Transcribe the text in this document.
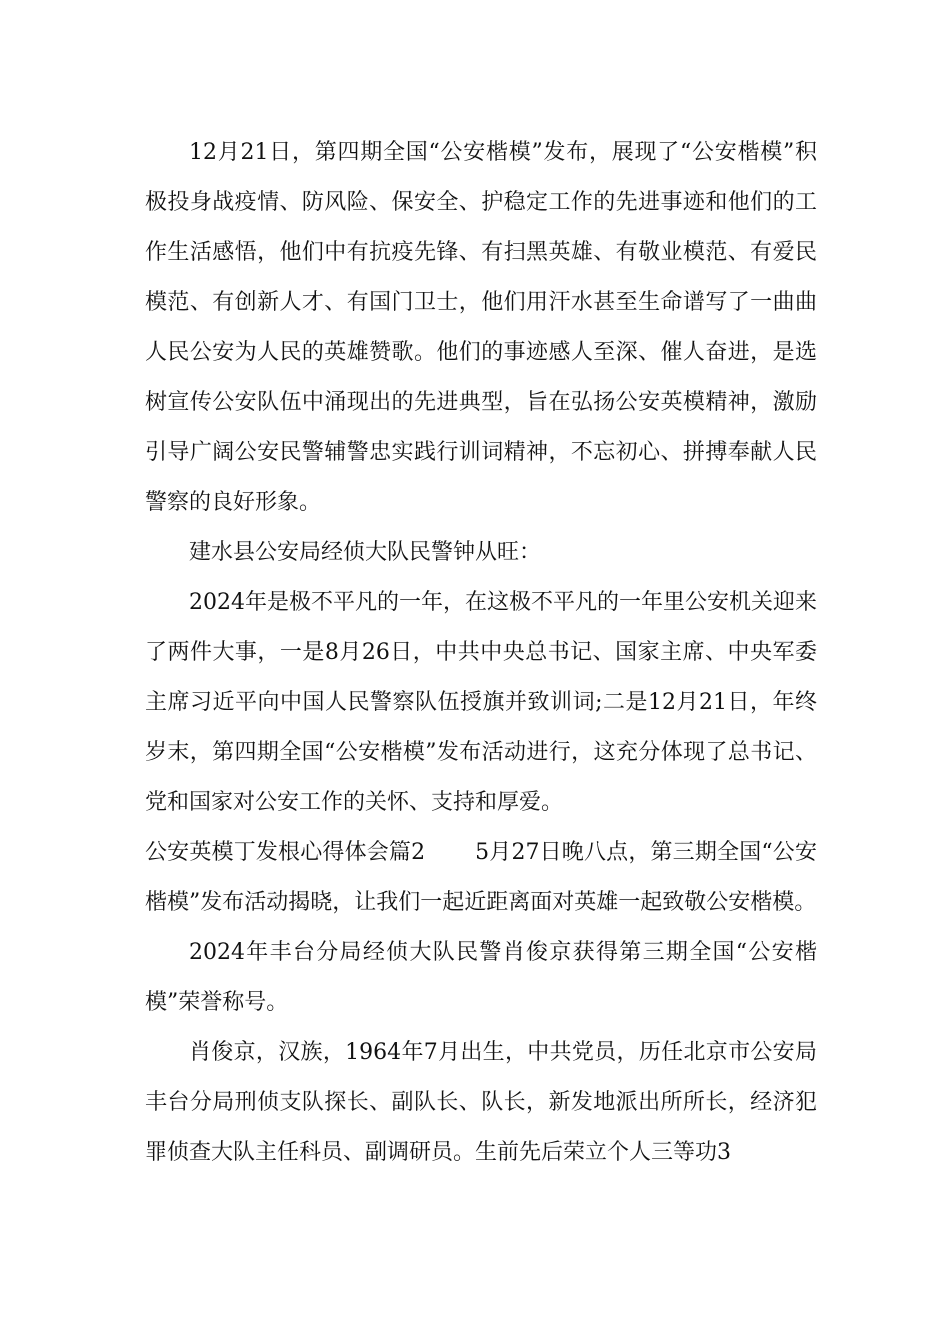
12月21日，第四期全国“公安楷模”发布，展现了“公安楷模”积极投身战疫情、防风险、保安全、护稳定工作的先进事迹和他们的工作生活感悟，他们中有抗疫先锋、有扫黑英雄、有敬业模范、有爱民模范、有创新人才、有国门卫士，他们用汗水甚至生命谱写了一曲曲人民公安为人民的英雄赞歌。他们的事迹感人至深、催人奋进，是选树宣传公安队伍中涌现出的先进典型，旨在弘扬公安英模精神，激励引导广阔公安民警辅警忠实践行训词精神，不忘初心、拼搏奉献人民警察的良好形象。

建水县公安局经侦大队民警钟从旺：

2024年是极不平凡的一年，在这极不平凡的一年里公安机关迎来了两件大事，一是8月26日，中共中央总书记、国家主席、中央军委主席习近平向中国人民警察队伍授旗并致训词;二是12月21日，年终岁末，第四期全国“公安楷模”发布活动进行，这充分体现了总书记、党和国家对公安工作的关怀、支持和厚爱。

公安英模丁发根心得体会篇2 5月27日晚八点，第三期全国“公安楷模”发布活动揭晓，让我们一起近距离面对英雄一起致敬公安楷模。

2024年丰台分局经侦大队民警肖俊京获得第三期全国“公安楷模”荣誉称号。

肖俊京，汉族，1964年7月出生，中共党员，历任北京市公安局丰台分局刑侦支队探长、副队长、队长，新发地派出所所长，经济犯罪侦查大队主任科员、副调研员。生前先后荣立个人三等功3
